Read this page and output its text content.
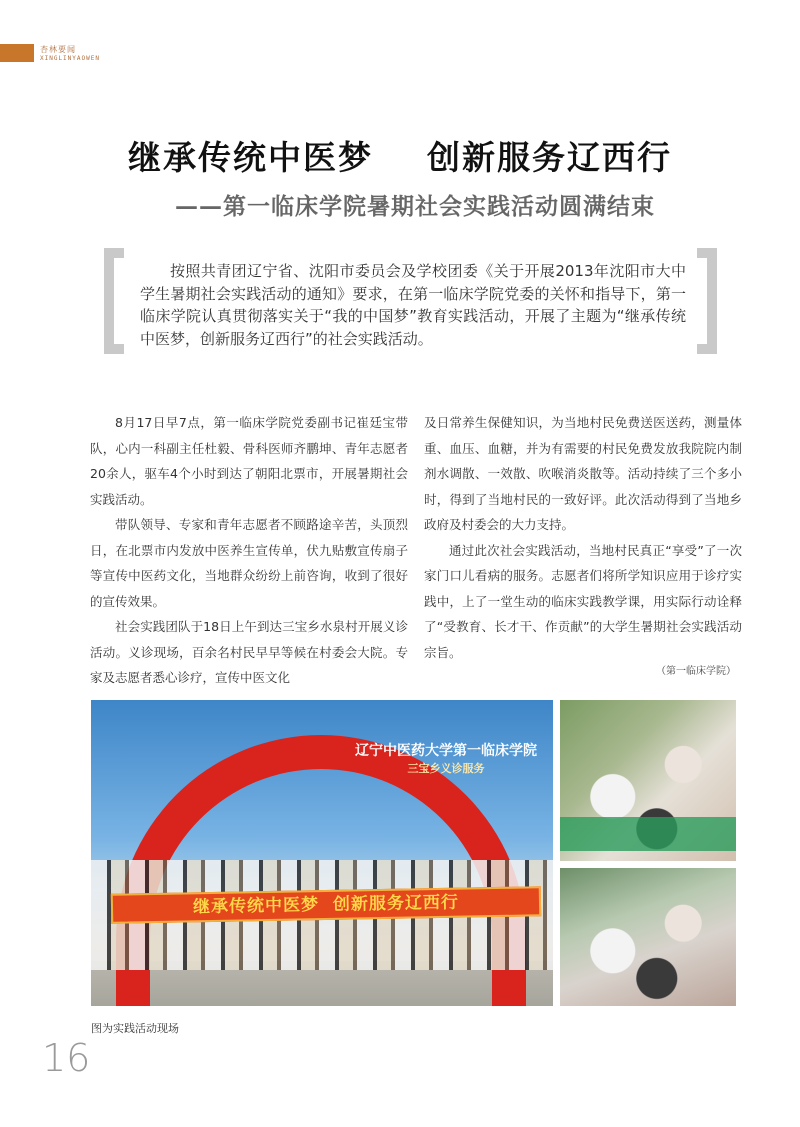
杏林要闻
XINGLINYAOWEN
继承传统中医梦    创新服务辽西行
——第一临床学院暑期社会实践活动圆满结束
按照共青团辽宁省、沈阳市委员会及学校团委《关于开展2013年沈阳市大中学生暑期社会实践活动的通知》要求，在第一临床学院党委的关怀和指导下，第一临床学院认真贯彻落实关于“我的中国梦”教育实践活动，开展了主题为“继承传统中医梦，创新服务辽西行”的社会实践活动。

8月17日早7点，第一临床学院党委副书记崔廷宝带队，心内一科副主任杜毅、骨科医师齐鹏坤、青年志愿者20余人，驱车4个小时到达了朝阳北票市，开展暑期社会实践活动。

带队领导、专家和青年志愿者不顾路途辛苦，头顶烈日，在北票市内发放中医养生宣传单，伏九贴敷宣传扇子等宣传中医药文化，当地群众纷纷上前咨询，收到了很好的宣传效果。

社会实践团队于18日上午到达三宝乡水泉村开展义诊活动。义诊现场，百余名村民早早等候在村委会大院。专家及志愿者悉心诊疗，宣传中医文化

及日常养生保健知识，为当地村民免费送医送药，测量体重、血压、血糖，并为有需要的村民免费发放我院院内制剂水调散、一效散、吹喉消炎散等。活动持续了三个多小时，得到了当地村民的一致好评。此次活动得到了当地乡政府及村委会的大力支持。

通过此次社会实践活动，当地村民真正“享受”了一次家门口儿看病的服务。志愿者们将所学知识应用于诊疗实践中，上了一堂生动的临床实践教学课，用实际行动诠释了“受教育、长才干、作贡献”的大学生暑期社会实践活动宗旨。

（第一临床学院）
辽宁中医药大学第一临床学院
三宝乡义诊服务
继承传统中医梦  创新服务辽西行
图为实践活动现场
16
